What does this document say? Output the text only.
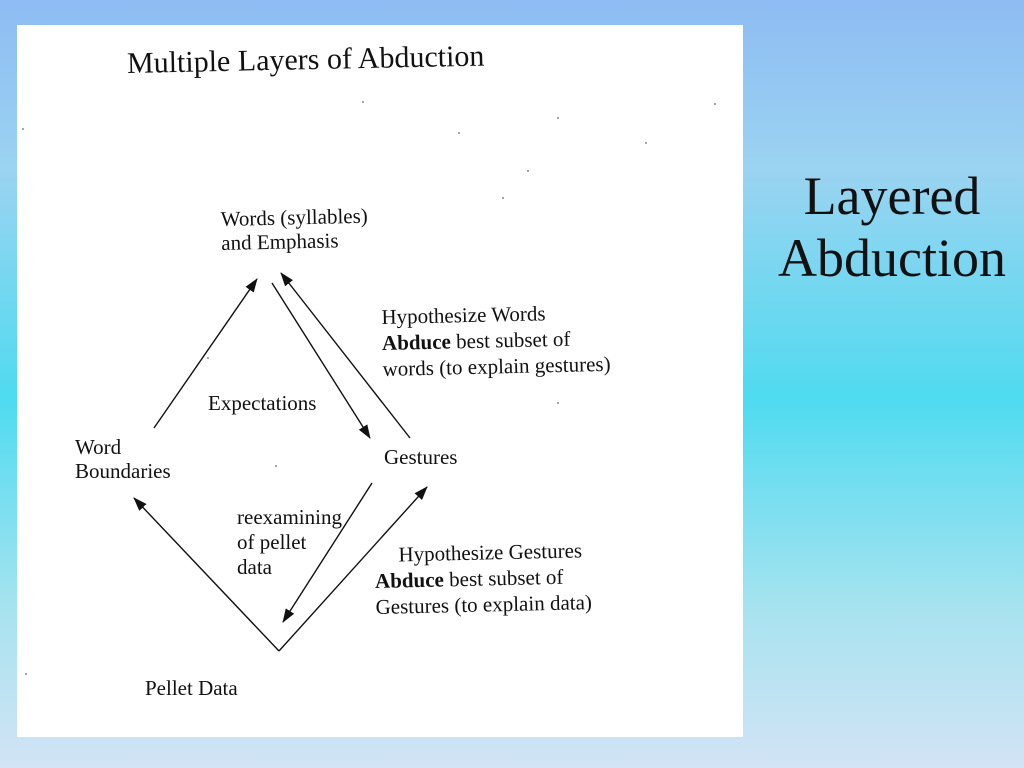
Layered
Abduction
Multiple Layers of Abduction
Words (syllables)
and Emphasis
Word
Boundaries
Expectations
Gestures
reexamining
of pellet
data
Hypothesize Words
Abduce best subset of
words (to explain gestures)
Hypothesize Gestures
Abduce best subset of
Gestures (to explain data)
Pellet Data
